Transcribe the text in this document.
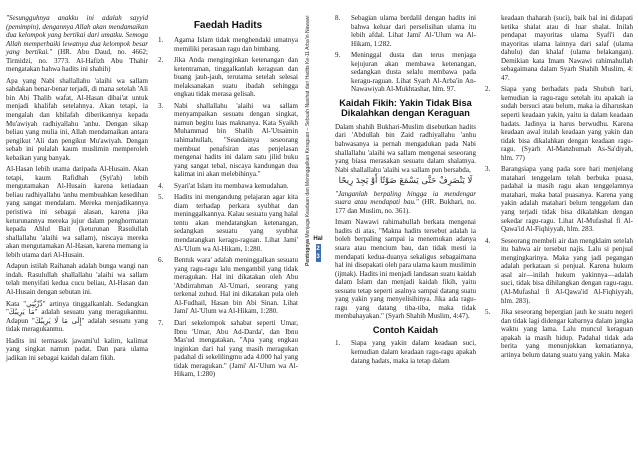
"Sesungguhnya anakku ini adalah sayyid (pemimpin), dengannya Allah akan mendamaikan dua kelompok yang bertikai dari umatku. Semoga Allah memperbaiki lewatnya dua kelompok besar yang bertikai." (HR. Abu Daud, no. 4662; Tirmidzi, no. 3773. Al-Hafizh Abu Thahir mengatakan bahwa hadits ini shahih)

Apa yang Nabi shallallahu 'alaihi wa sallam sabdakan benar-benar terjadi, di mana setelah 'Ali bin Abi Thalib wafat, Al-Hasan dibai'at untuk menjadi khalifah setelahnya. Akan tetapi, ia mengalah dan khilafah diberikannya kepada Mu'awiyah radhiyallahu 'anhu. Dengan sikap beliau yang mulia ini, Allah mendamaikan antara pengikut 'Ali dan pengikut Mu'awiyah. Dengan sebab ini pulalah kaum muslimin memperoleh kebaikan yang banyak.

Al-Hasan lebih utama daripada Al-Husain. Akan tetapi, kaum Rafidhah (Syi'ah) lebih mengutamakan Al-Husain karena ketiadaan beliau radhiyallahu 'anhu membuahkan kesedihan yang sangat mendalam. Mereka menjadikannya peristiwa ini sebagai alasan, karena jika keturunannya mereka jujur dalam penghormatan kepada Ahlul Bait (keturunan Rasulullah shallallahu 'alaihi wa sallam), niscaya mereka akan mengutamakan Al-Hasan, karena memang ia lebih utama dari Al-Husain.

Adapun istilah Raihanah adalah bunga wangi nan indah. Rasulullah shallallahu 'alaihi wa sallam telah menyifati kedua cucu beliau, Al-Hasan dan Al-Husain dengan sebutan ini.

Kata "ذُرِّيَّتِي" artinya tinggalkanlah. Sedangkan "مَا يَرِيبُكَ" adalah sesuatu yang meragukanmu. Adapun "إِلَى مَا لَا يَرِيبُكَ" adalah sesuatu yang tidak meragukanmu.

Hadits ini termasuk jawami'ul kalim, kalimat yang singkat namun padat. Dan para ulama jadikan ini sebagai kaidah dalam fikih.

Faedah Hadits
1. Agama Islam tidak menghendaki umatnya memiliki perasaan ragu dan bimbang.
2. Jika Anda menginginkan ketenangan dan ketentraman, tinggalkanlah keraguan dan buang jauh-jauh, terutama setelah selesai melaksanakan suatu ibadah sehingga engkau tidak merasa gelisah.
3. Nabi shallallahu 'alaihi wa sallam menyampaikan sesuatu dengan singkat, namun begitu luas maknanya. Kata Syaikh Muhammad bin Shalih Al-'Utsaimin rahimahullah, "Seandainya seseorang membuat penafsiran atas penjelasan mengenai hadits ini dalam satu jilid buku yang sangat tebal, niscaya kandungan dua kalimat ini akan melebihinya."
4. Syari'at Islam itu membawa kemudahan.
5. Hadits ini mengandung pelajaran agar kita diam terhadap perkara syubhat dan meninggalkannya. Kalau sesuatu yang halal tentu akan mendatangkan ketenangan, sedangkan sesuatu yang syubhat mendatangkan keragu-raguan. Lihat Jami' Al-'Ulum wa Al-Hikam, 1:280.
6. Bentuk wara' adalah meninggalkan sesuatu yang ragu-ragu lalu mengambil yang tidak meragukan. Hal ini dikatakan oleh Abu 'Abdirrahman Al-'Umari, seorang yang terkenal zuhud. Hal ini dikatakan pula oleh Al-Fudhail, Hasan bin Abi Sinan. Lihat Jami' Al-'Ulum wa Al-Hikam, 1:280.
7. Dari sekelompok sahabat seperti Umar, Ibnu 'Umar, Abu Ad-Darda', dan Ibnu Mas'ud mengatakan, "Apa yang engkau inginkan dari hal yang masih meragukan padahal di sekelilingmu ada 4.000 hal yang tidak meragukan." (Jami' Al-'Ulum wa Al-Hikam, 1:280)
Pentingnya Menjaga Keadaan dan Meninggalkan Keraguan – Sebuah Nasihat dari Hadits Ke-11 Arba'in Nawawi Hal
2
3
8. Sebagian ulama berdalil dengan hadits ini bahwa keluar dari perselisihan ulama itu lebih afdal. Lihat Jami' Al-'Ulum wa Al-Hikam, 1:282.
9. Meninggal dusta dan terus menjaga kejujuran akan membawa ketenangan, sedangkan dusta selalu membawa pada keragu-raguan. Lihat Syarh Al-Arba'in An-Nawawiyah Al-Mukhtashar, hlm. 97.
Kaidah Fikih: Yakin Tidak Bisa Dikalahkan dengan Keraguan

Dalam shahih Bukhari-Muslim disebutkan hadits dari 'Abdullah bin Zaid radhiyallahu 'anhu bahwasanya ia pernah mengadukan pada Nabi shallallahu 'alaihi wa sallam mengenai seseorang yang biasa merasakan sesuatu dalam shalatnya. Nabi shallallahu 'alaihi wa sallam pun bersabda,

لَا يَنْصَرِفْ حَتَّى يَسْمَعَ صَوْتًا أَوْ يَجِدَ رِيحًا

"Janganlah berpaling hingga ia mendengar suara atau mendapati bau." (HR. Bukhari, no. 177 dan Muslim, no. 361).

Imam Nawawi rahimahullah berkata mengenai hadits di atas, "Makna hadits tersebut adalah ia boleh berpaling sampai ia menemukan adanya suara atau mencium bau, dan tidak mesti ia mendapati kedua-duanya sekaligus sebagaimana hal ini disepakati oleh para ulama kaum muslimin (ijmak). Hadits ini menjadi landasan suatu kaidah dalam Islam dan menjadi kaidah fikih, yaitu sesuatu tetap seperti asalnya sampai datang suatu yang yakin yang menyelisihinya. Jika ada ragu-ragu yang datang tiba-tiba, maka tidak membahayakan." (Syarh Shahih Muslim, 4:47).

Contoh Kaidah
1. Siapa yang yakin dalam keadaan suci, kemudian dalam keadaan ragu-ragu apakah datang hadats, maka ia tetap dalam

keadaan thaharah (suci), baik hal ini didapati ketika shalat atau di luar shalat. Inilah pendapat mayoritas ulama Syafi'i dan mayoritas ulama lainnya dari salaf (ulama dahulu) dan khalaf (ulama belakangan). Demikian kata Imam Nawawi rahimahullah sebagaimana dalam Syarh Shahih Muslim, 4: 47.

2. Siapa yang berhadats pada Shubuh hari, kemudian ia ragu-ragu setelah itu apakah ia sudah bersuci atau belum, maka ia diharuskan seperti keadaan yakin, yaitu ia dalam keadaan hadats. Jadinya ia harus berwudhu. Karena keadaan awal itulah keadaan yang yakin dan tidak bisa dikalahkan dengan keadaan ragu-ragu. (Syarh Al-Manzhumah As-Sa'diyah, hlm. 77)
3. Barangsiapa yang pada sore hari menjelang matahari tenggelam telah berbuka puasa, padahal ia masih ragu akan tenggelamnya matahari, maka batal puasanya. Karena yang yakin adalah matahari belum tenggelam dan yang terjadi tidak bisa dikalahkan dengan sekedar ragu-ragu. Lihat Al-Mufashal fi Al-Qawa'id Al-Fiqhiyyah, hlm. 283.
4. Seseorang membeli air dan mengklaim setelah itu bahwa air tersebut najis. Lalu si penjual mengingkarinya. Maka yang jadi pegangan adalah perkataan si penjual. Karena hukum asal air—inilah hukum yakinnya—adalah suci, tidak bisa dihilangkan dengan ragu-ragu. (Al-Mufashal fi Al-Qawa'id Al-Fiqhiyyah, hlm. 283).
5. Jika seseorang bepergian jauh ke suatu negeri dan tidak lagi didengar kabarnya dalam jangka waktu yang lama. Lalu muncul keraguan apakah ia masih hidup. Padahal tidak ada berita yang menunjukkan kematiannya, artinya belum datang suatu yang yakin. Maka
